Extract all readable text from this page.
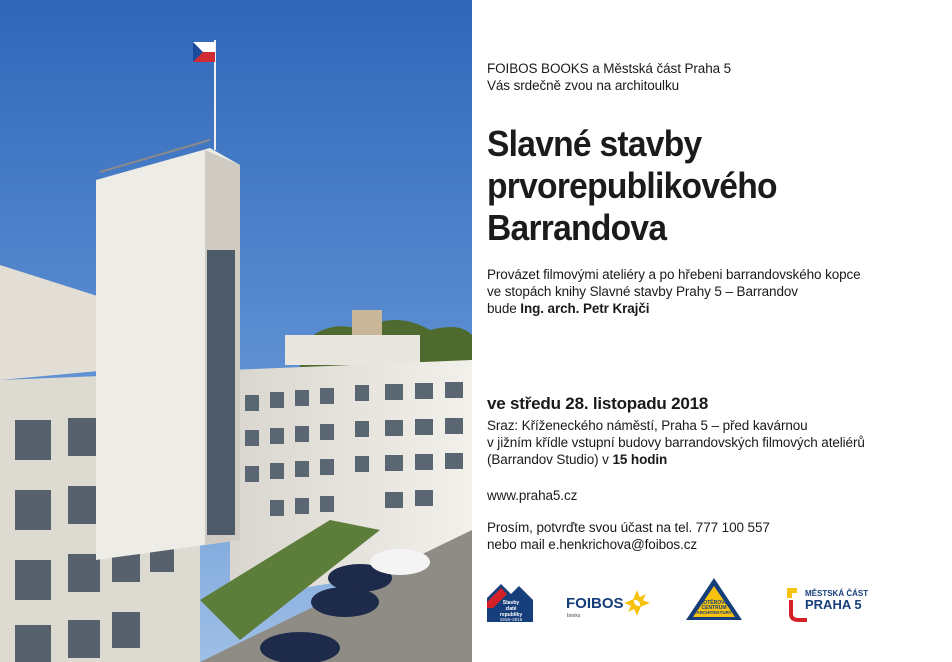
FOIBOS BOOKS a Městská část Praha 5

Vás srdečně zvou na architoulku

Slavné stavby
prvorepublikového
Barrandova

Provázet filmovými ateliéry a po hřebeni barrandovského kopce

ve stopách knihy Slavné stavby Prahy 5 – Barrandov

bude Ing. arch. Petr Krajči

ve středu 28. listopadu 2018

Sraz: Kříženeckého náměstí, Praha 5 – před kavárnou

v jižním křídle vstupní budovy barrandovských filmových ateliérů

(Barrandov Studio) v 15 hodin

www.praha5.cz

Prosím, potvrďte svou účast na tel. 777 100 557

nebo mail e.henkrichova@foibos.cz

Stavby
zlaté
republiky
1918–2018
FOIBOS
books
KOTĚROVO
CENTRUM
ARCHITEKTURY
MĚSTSKÁ ČÁST
PRAHA 5
